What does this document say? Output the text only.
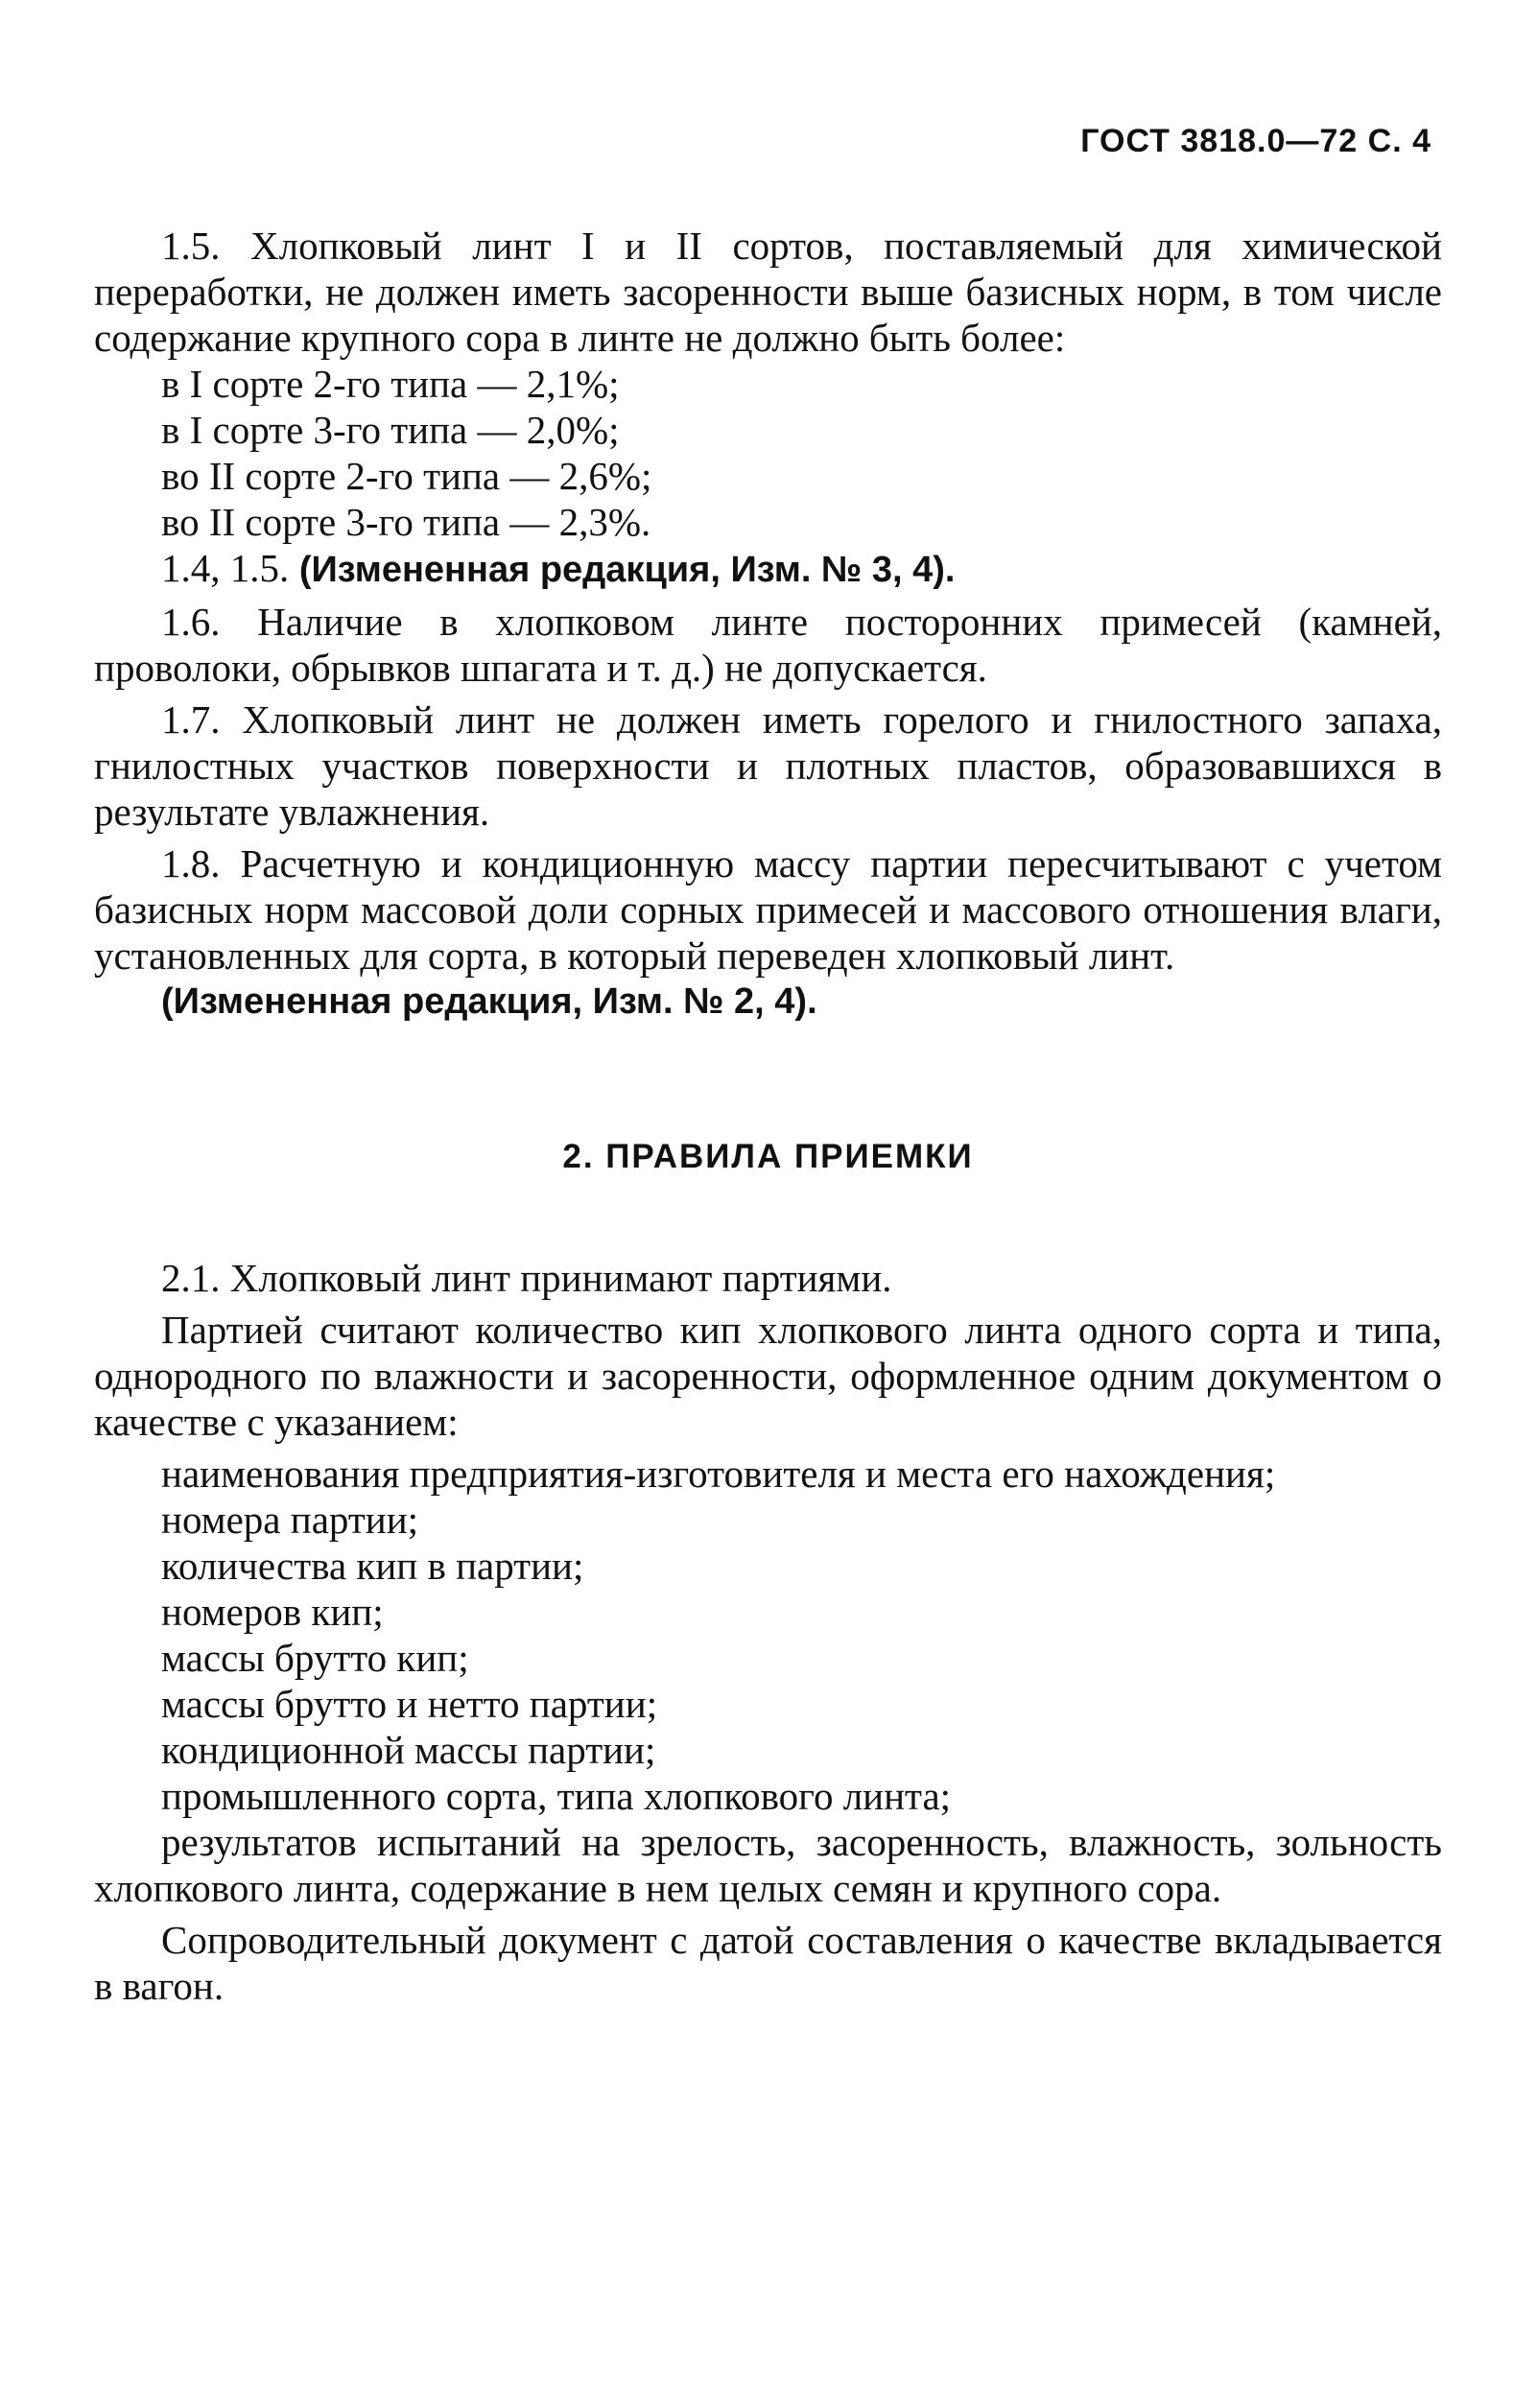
ГОСТ 3818.0—72 С. 4

1.5. Хлопковый линт I и II сортов, поставляемый для химической переработки, не должен иметь засоренности выше базисных норм, в том числе содержание крупного сора в линте не должно быть более:

в I сорте 2-го типа — 2,1%;

в I сорте 3-го типа — 2,0%;

во II сорте 2-го типа — 2,6%;

во II сорте 3-го типа — 2,3%.

1.4, 1.5. (Измененная редакция, Изм. № 3, 4).

1.6. Наличие в хлопковом линте посторонних примесей (камней, проволоки, обрывков шпагата и т. д.) не допускается.

1.7. Хлопковый линт не должен иметь горелого и гнилостного запаха, гнилостных участков поверхности и плотных пластов, образовавшихся в результате увлажнения.

1.8. Расчетную и кондиционную массу партии пересчитывают с учетом базисных норм массовой доли сорных примесей и массового отношения влаги, установленных для сорта, в который переведен хлопковый линт.

(Измененная редакция, Изм. № 2, 4).

2. ПРАВИЛА ПРИЕМКИ

2.1. Хлопковый линт принимают партиями.

Партией считают количество кип хлопкового линта одного сорта и типа, однородного по влажности и засоренности, оформленное одним документом о качестве с указанием:

наименования предприятия-изготовителя и места его нахождения;

номера партии;

количества кип в партии;

номеров кип;

массы брутто кип;

массы брутто и нетто партии;

кондиционной массы партии;

промышленного сорта, типа хлопкового линта;

результатов испытаний на зрелость, засоренность, влажность, зольность хлопкового линта, содержание в нем целых семян и крупного сора.

Сопроводительный документ с датой составления о качестве вкладывается в вагон.
